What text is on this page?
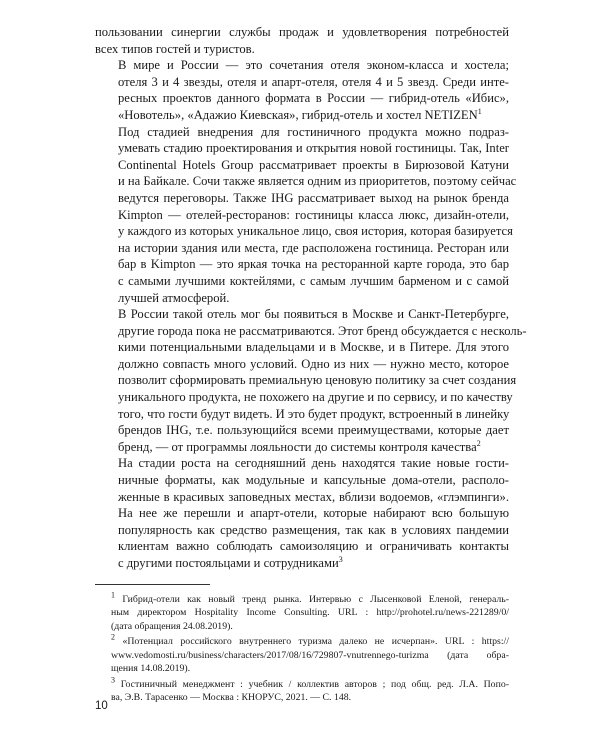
пользовании синергии службы продаж и удовлетворения потребностей
всех типов гостей и туристов.

В мире и России — это сочетания отеля эконом-класса и хостела;
отеля 3 и 4 звезды, отеля и апарт-отеля, отеля 4 и 5 звезд. Среди инте-
ресных проектов данного формата в России — гибрид-отель «Ибис»,
«Новотель», «Адажио Киевская», гибрид-отель и хостел NETIZEN$^1$

Под стадией внедрения для гостиничного продукта можно подраз-
умевать стадию проектирования и открытия новой гостиницы. Так, Inter
Continental Hotels Group рассматривает проекты в Бирюзовой Катуни
и на Байкале. Сочи также является одним из приоритетов, поэтому сейчас
ведутся переговоры. Также IHG рассматривает выход на рынок бренда
Kimpton — отелей-ресторанов: гостиницы класса люкс, дизайн-отели,
у каждого из которых уникальное лицо, своя история, которая базируется
на истории здания или места, где расположена гостиница. Ресторан или
бар в Kimpton — это яркая точка на ресторанной карте города, это бар
с самыми лучшими коктейлями, с самым лучшим барменом и с самой
лучшей атмосферой.

В России такой отель мог бы появиться в Москве и Санкт-Петербурге,
другие города пока не рассматриваются. Этот бренд обсуждается с несколь-
кими потенциальными владельцами и в Москве, и в Питере. Для этого
должно совпасть много условий. Одно из них — нужно место, которое
позволит сформировать премиальную ценовую политику за счет создания
уникального продукта, не похожего на другие и по сервису, и по качеству
того, что гости будут видеть. И это будет продукт, встроенный в линейку
брендов IHG, т.е. пользующийся всеми преимуществами, которые дает
бренд, — от программы лояльности до системы контроля качества$^2$

На стадии роста на сегодняшний день находятся такие новые гости-
ничные форматы, как модульные и капсульные дома-отели, располо-
женные в красивых заповедных местах, вблизи водоемов, «глэмпинги».
На нее же перешли и апарт-отели, которые набирают всю большую
популярность как средство размещения, так как в условиях пандемии
клиентам важно соблюдать самоизоляцию и ограничивать контакты
с другими постояльцами и сотрудниками$^3$

$^1$ Гибрид-отели как новый тренд рынка. Интервью с Лысенковой Еленой, генераль-
ным директором Hospitality Income Consulting. URL : http://prohotel.ru/news-221289/0/
(дата обращения 24.08.2019).

$^2$ «Потенциал российского внутреннего туризма далеко не исчерпан». URL : https://
www.vedomosti.ru/business/characters/2017/08/16/729807-vnutrennego-turizma (дата обра-
щения 14.08.2019).

$^3$ Гостиничный менеджмент : учебник / коллектив авторов ; под общ. ред. Л.А. Попо-
ва, Э.В. Тарасенко — Москва : КНОРУС, 2021. — С. 148.

10
